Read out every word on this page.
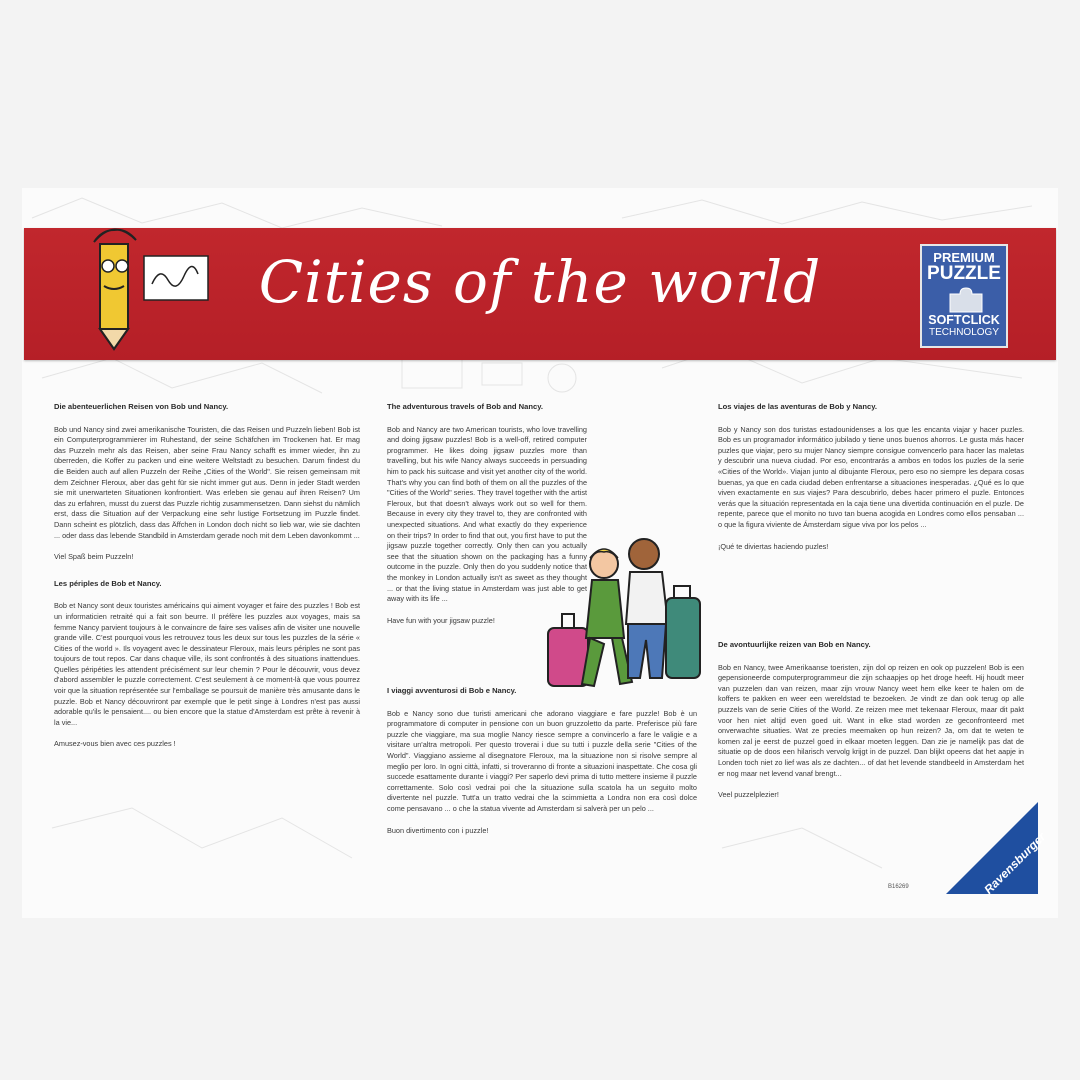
Cities of the world	PREMIUM
PUZZLE
SOFTCLICK
TECHNOLOGY
Die abenteuerlichen Reisen von Bob und Nancy.

Bob und Nancy sind zwei amerikanische Touristen, die das Reisen und Puzzeln lieben! Bob ist ein Computerprogrammierer im Ruhestand, der seine Schäfchen im Trockenen hat. Er mag das Puzzeln mehr als das Reisen, aber seine Frau Nancy schafft es immer wieder, ihn zu überreden, die Koffer zu packen und eine weitere Weltstadt zu besuchen. Darum findest du die Beiden auch auf allen Puzzeln der Reihe „Cities of the World". Sie reisen gemeinsam mit dem Zeichner Fleroux, aber das geht für sie nicht immer gut aus. Denn in jeder Stadt werden sie mit unerwarteten Situationen konfrontiert. Was erleben sie genau auf ihren Reisen? Um das zu erfahren, musst du zuerst das Puzzle richtig zusammensetzen. Dann siehst du nämlich erst, dass die Situation auf der Verpackung eine sehr lustige Fortsetzung im Puzzle findet. Dann scheint es plötzlich, dass das Äffchen in London doch nicht so lieb war, wie sie dachten ... oder dass das lebende Standbild in Amsterdam gerade noch mit dem Leben davonkommt ...

Viel Spaß beim Puzzeln!

Les périples de Bob et Nancy.

Bob et Nancy sont deux touristes américains qui aiment voyager et faire des puzzles ! Bob est un informaticien retraité qui a fait son beurre. Il préfère les puzzles aux voyages, mais sa femme Nancy parvient toujours à le convaincre de faire ses valises afin de visiter une nouvelle grande ville. C'est pourquoi vous les retrouvez tous les deux sur tous les puzzles de la série « Cities of the world ». Ils voyagent avec le dessinateur Fleroux, mais leurs périples ne sont pas toujours de tout repos. Car dans chaque ville, ils sont confrontés à des situations inattendues. Quelles péripéties les attendent précisément sur leur chemin ? Pour le découvrir, vous devez d'abord assembler le puzzle correctement. C'est seulement à ce moment-là que vous pourrez voir que la situation représentée sur l'emballage se poursuit de manière très amusante dans le puzzle. Bob et Nancy découvriront par exemple que le petit singe à Londres n'est pas aussi adorable qu'ils le pensaient.... ou bien encore que la statue d'Amsterdam est prête à revenir à la vie...

Amusez-vous bien avec ces puzzles !

The adventurous travels of Bob and Nancy.

Bob and Nancy are two American tourists, who love travelling and doing jigsaw puzzles! Bob is a well-off, retired computer programmer. He likes doing jigsaw puzzles more than travelling, but his wife Nancy always succeeds in persuading him to pack his suitcase and visit yet another city of the world. That's why you can find both of them on all the puzzles of the "Cities of the World" series. They travel together with the artist Fleroux, but that doesn't always work out so well for them. Because in every city they travel to, they are confronted with unexpected situations. And what exactly do they experience on their trips? In order to find that out, you first have to put the jigsaw puzzle together correctly. Only then can you actually see that the situation shown on the packaging has a funny outcome in the puzzle. Only then do you suddenly notice that the monkey in London actually isn't as sweet as they thought ... or that the living statue in Amsterdam was just able to get away with its life ...

Have fun with your jigsaw puzzle!

I viaggi avventurosi di Bob e Nancy.

Bob e Nancy sono due turisti americani che adorano viaggiare e fare puzzle! Bob è un programmatore di computer in pensione con un buon gruzzoletto da parte. Preferisce più fare puzzle che viaggiare, ma sua moglie Nancy riesce sempre a convincerlo a fare le valigie e a visitare un'altra metropoli. Per questo troverai i due su tutti i puzzle della serie "Cities of the World". Viaggiano assieme al disegnatore Fleroux, ma la situazione non si risolve sempre al meglio per loro. In ogni città, infatti, si troveranno di fronte a situazioni inaspettate. Che cosa gli succede esattamente durante i viaggi? Per saperlo devi prima di tutto mettere insieme il puzzle correttamente. Solo così vedrai poi che la situazione sulla scatola ha un seguito molto divertente nel puzzle. Tutt'a un tratto vedrai che la scimmietta a Londra non era così dolce come pensavano ... o che la statua vivente ad Amsterdam si salverà per un pelo ...

Buon divertimento con i puzzle!

Los viajes de las aventuras de Bob y Nancy.

Bob y Nancy son dos turistas estadounidenses a los que les encanta viajar y hacer puzles. Bob es un programador informático jubilado y tiene unos buenos ahorros. Le gusta más hacer puzles que viajar, pero su mujer Nancy siempre consigue convencerlo para hacer las maletas y descubrir una nueva ciudad. Por eso, encontrarás a ambos en todos los puzles de la serie «Cities of the World». Viajan junto al dibujante Fleroux, pero eso no siempre les depara cosas buenas, ya que en cada ciudad deben enfrentarse a situaciones inesperadas. ¿Qué es lo que viven exactamente en sus viajes? Para descubrirlo, debes hacer primero el puzle. Entonces verás que la situación representada en la caja tiene una divertida continuación en el puzle. De repente, parece que el monito no tuvo tan buena acogida en Londres como ellos pensaban ... o que la figura viviente de Ámsterdam sigue viva por los pelos ...

¡Qué te diviertas haciendo puzles!

De avontuurlijke reizen van Bob en Nancy.

Bob en Nancy, twee Amerikaanse toeristen, zijn dol op reizen en ook op puzzelen! Bob is een gepensioneerde computerprogrammeur die zijn schaapjes op het droge heeft. Hij houdt meer van puzzelen dan van reizen, maar zijn vrouw Nancy weet hem elke keer te halen om de koffers te pakken en weer een wereldstad te bezoeken. Je vindt ze dan ook terug op alle puzzels van de serie Cities of the World. Ze reizen mee met tekenaar Fleroux, maar dit pakt voor hen niet altijd even goed uit. Want in elke stad worden ze geconfronteerd met onverwachte situaties. Wat ze precies meemaken op hun reizen? Ja, om dat te weten te komen zal je eerst de puzzel goed in elkaar moeten leggen. Dan zie je namelijk pas dat de situatie op de doos een hilarisch vervolg krijgt in de puzzel. Dan blijkt opeens dat het aapje in Londen toch niet zo lief was als ze dachten... of dat het levende standbeeld in Amsterdam het er nog maar net levend vanaf brengt...

Veel puzzelplezier!

Ravensburger
B16269
